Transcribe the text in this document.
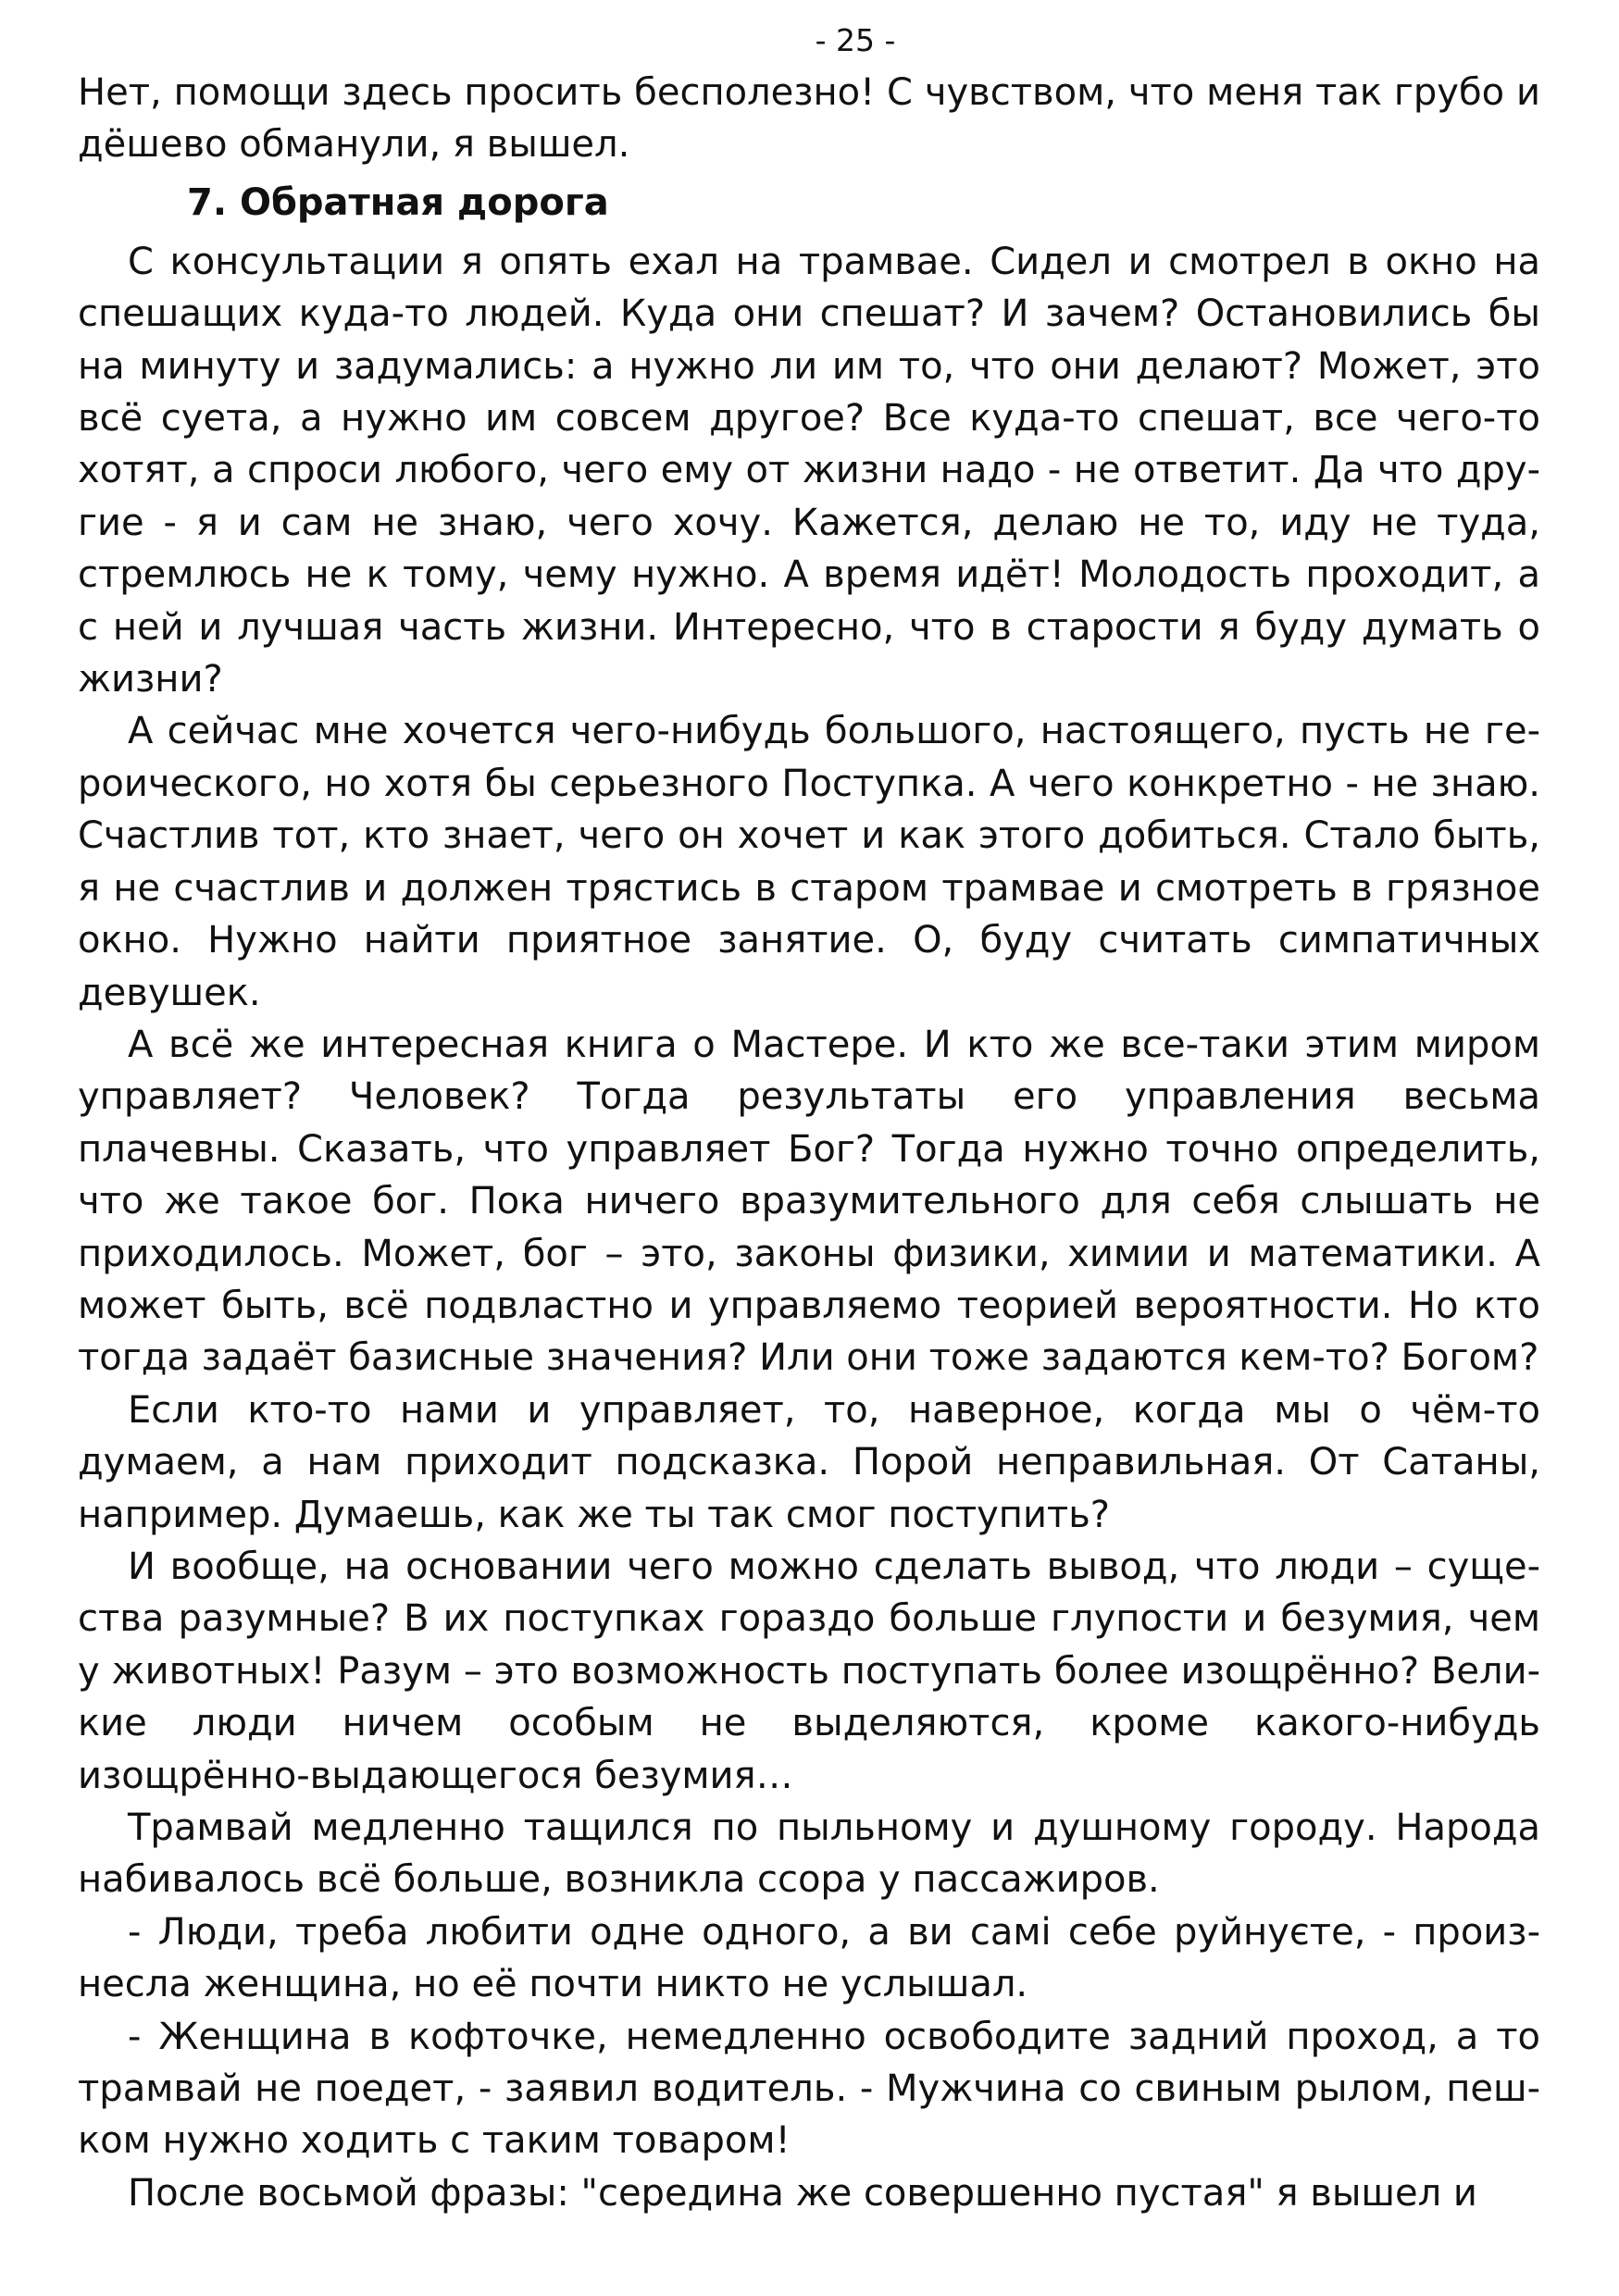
- 25 -

Нет, помощи здесь просить бесполезно! С чувством, что меня так грубо и дёшево обманули, я вышел.

7. Обратная дорога

С консультации я опять ехал на трамвае. Сидел и смотрел в окно на спешащих куда-то людей. Куда они спешат? И зачем? Остановились бы на минуту и задумались: а нужно ли им то, что они делают? Может, это всё суета, а нужно им совсем другое? Все куда-то спешат, все чего-то хотят, а спроси любого, чего ему от жизни надо - не ответит. Да что другие - я и сам не знаю, чего хочу. Кажется, делаю не то, иду не туда, стремлюсь не к тому, чему нужно. А время идёт! Молодость проходит, а с ней и лучшая часть жизни. Интересно, что в старости я буду думать о жизни?

А сейчас мне хочется чего-нибудь большого, настоящего, пусть не героического, но хотя бы серьезного Поступка. А чего конкретно - не знаю. Счастлив тот, кто знает, чего он хочет и как этого добиться. Стало быть, я не счастлив и должен трястись в старом трамвае и смотреть в грязное окно. Нужно найти приятное занятие. О, буду считать симпатичных девушек.

А всё же интересная книга о Мастере. И кто же все-таки этим миром управляет? Человек? Тогда результаты его управления весьма плачевны. Сказать, что управляет Бог? Тогда нужно точно определить, что же такое бог. Пока ничего вразумительного для себя слышать не приходилось. Может, бог – это, законы физики, химии и математики. А может быть, всё подвластно и управляемо теорией вероятности. Но кто тогда задаёт базисные значения? Или они тоже задаются кем-то? Богом?

Если кто-то нами и управляет, то, наверное, когда мы о чём-то думаем, а нам приходит подсказка. Порой неправильная. От Сатаны, например. Думаешь, как же ты так смог поступить?

И вообще, на основании чего можно сделать вывод, что люди – существа разумные? В их поступках гораздо больше глупости и безумия, чем у животных! Разум – это возможность поступать более изощрённо? Великие люди ничем особым не выделяются, кроме какого-нибудь изощрённо-выдающегося безумия…

Трамвай медленно тащился по пыльному и душному городу. Народа набивалось всё больше, возникла ссора у пассажиров.

- Люди, треба любити одне одного, а ви самі себе руйнуєте, - произнесла женщина, но её почти никто не услышал.

- Женщина в кофточке, немедленно освободите задний проход, а то трамвай не поедет, - заявил водитель. - Мужчина со свиным рылом, пешком нужно ходить с таким товаром!

После восьмой фразы: "середина же совершенно пустая" я вышел и
